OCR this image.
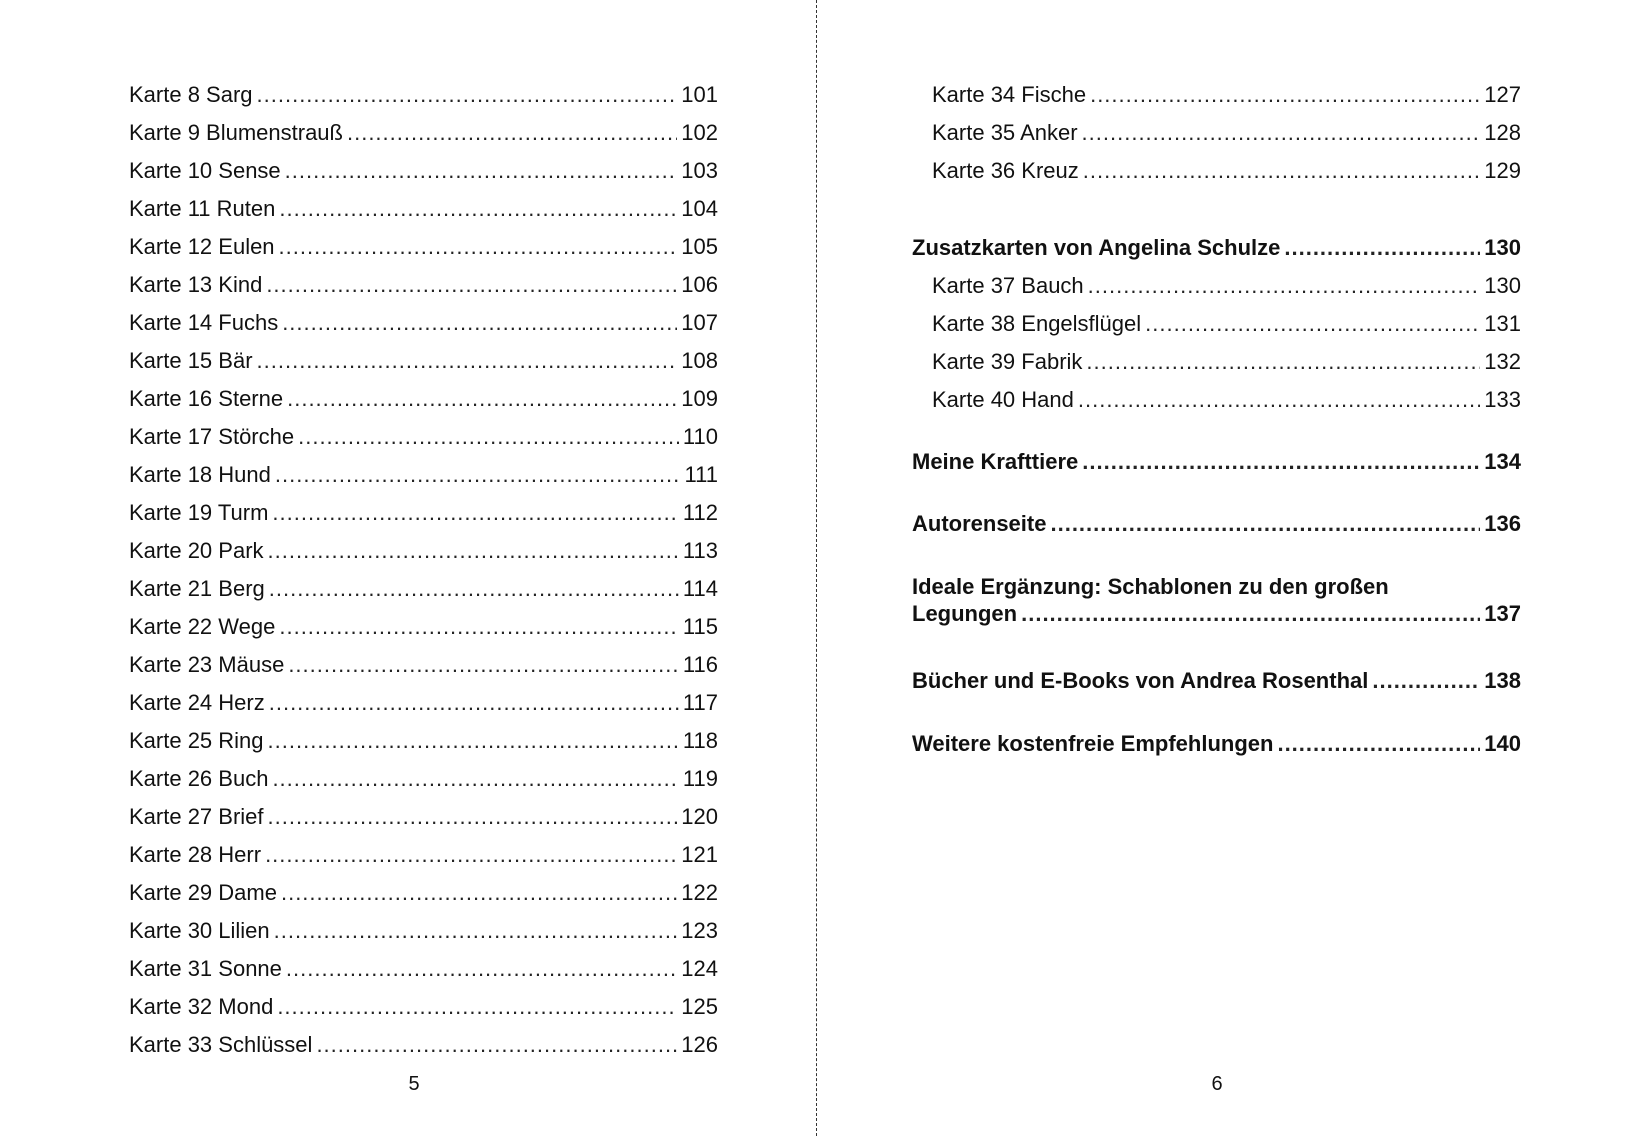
Karte 8 Sarg .....	101
Karte 9 Blumenstrauß .....	102
Karte 10 Sense .....	103
Karte 11 Ruten .....	104
Karte 12 Eulen .....	105
Karte 13 Kind .....	106
Karte 14 Fuchs .....	107
Karte 15 Bär .....	108
Karte 16 Sterne .....	109
Karte 17 Störche .....	110
Karte 18 Hund .....	111
Karte 19 Turm .....	112
Karte 20 Park .....	113
Karte 21 Berg .....	114
Karte 22 Wege .....	115
Karte 23 Mäuse .....	116
Karte 24 Herz .....	117
Karte 25 Ring .....	118
Karte 26 Buch .....	119
Karte 27 Brief .....	120
Karte 28 Herr .....	121
Karte 29 Dame .....	122
Karte 30 Lilien .....	123
Karte 31 Sonne .....	124
Karte 32 Mond .....	125
Karte 33 Schlüssel .....	126
5
Karte 34 Fische .....	127
Karte 35 Anker .....	128
Karte 36 Kreuz .....	129
Zusatzkarten von Angelina Schulze .....	130
Karte 37 Bauch .....	130
Karte 38 Engelsflügel .....	131
Karte 39 Fabrik .....	132
Karte 40 Hand .....	133
Meine Krafttiere .....	134
Autorenseite .....	136
Ideale Ergänzung: Schablonen zu den großen
Legungen .....	137
Bücher und E-Books von Andrea Rosenthal .....	138
Weitere kostenfreie Empfehlungen .....	140
6
